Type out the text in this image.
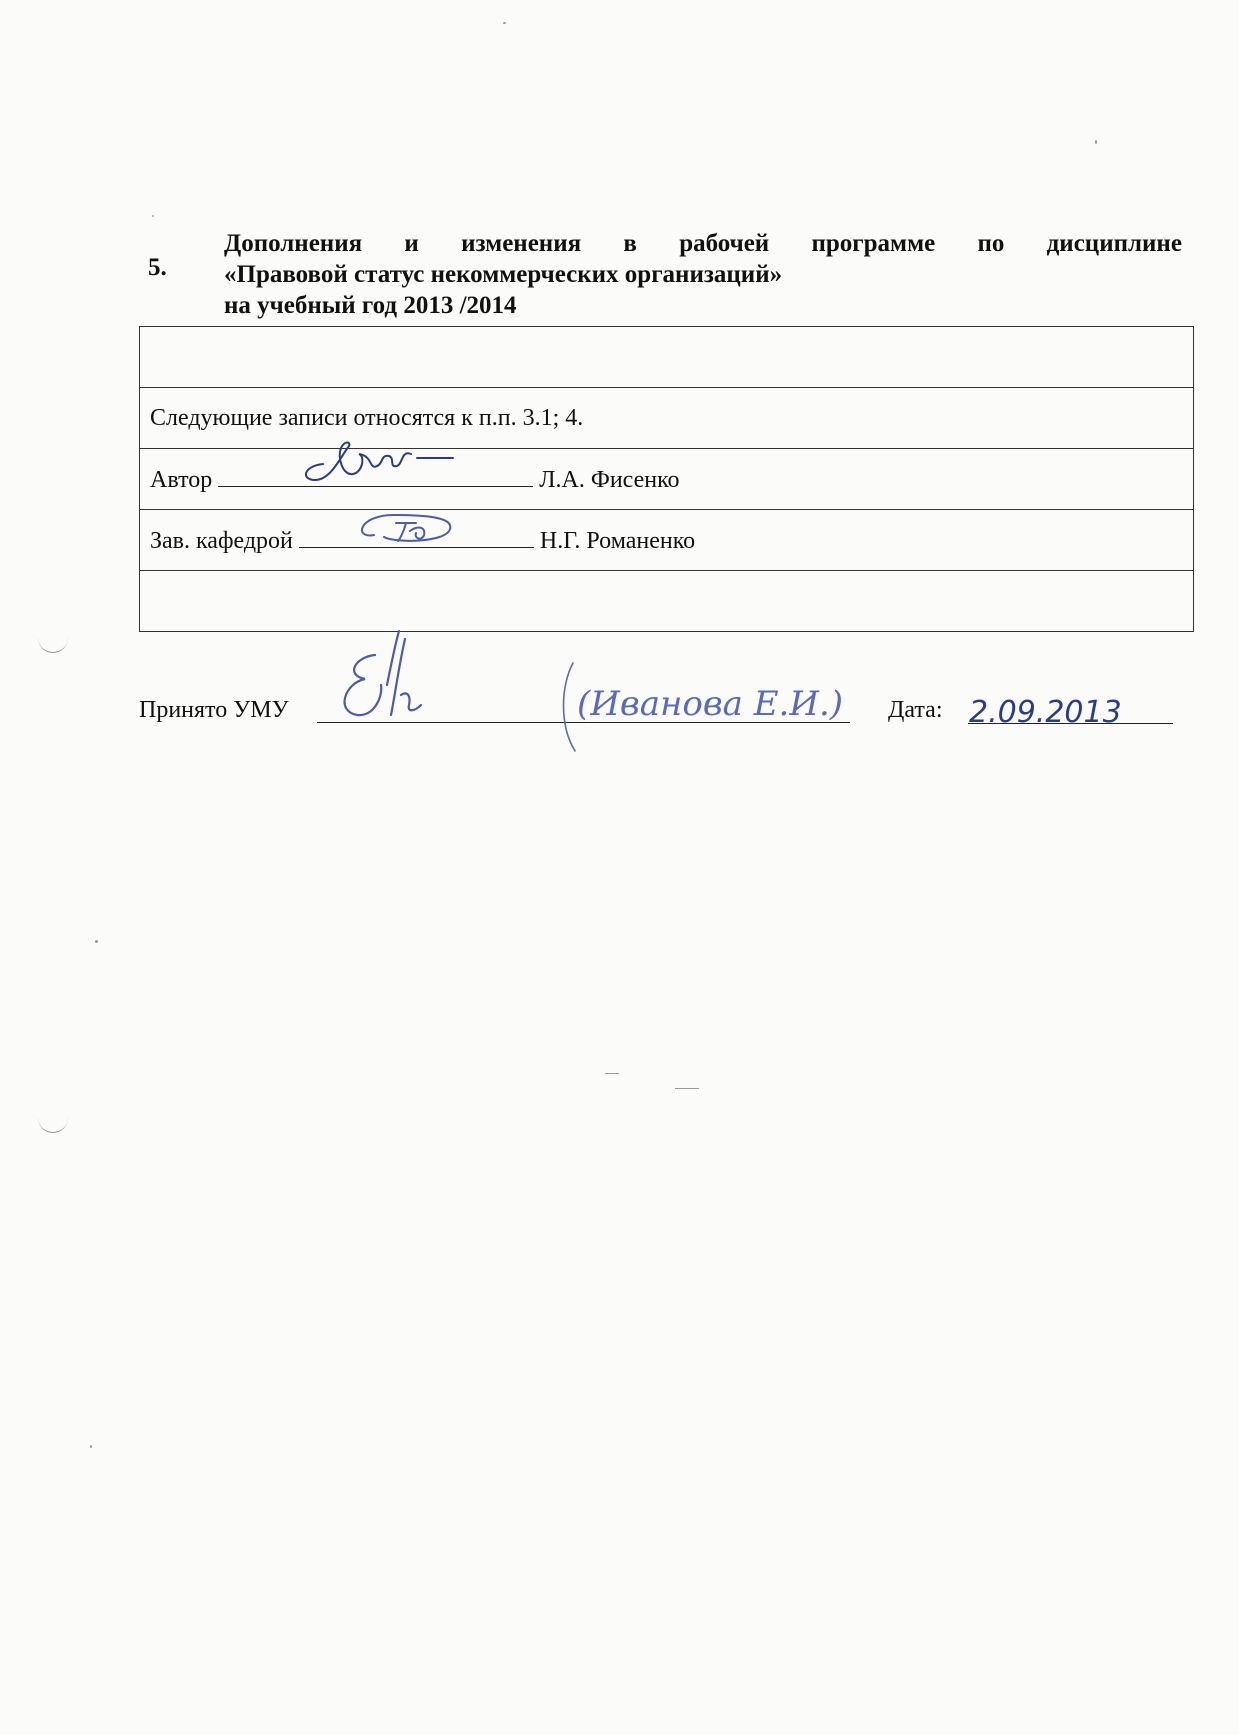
5.
Дополнения и изменения в рабочей программе по дисциплине
«Правовой статус некоммерческих организаций»
на учебный год 2013 /2014

Следующие записи относятся к п.п. 3.1; 4.
Автор	Л.А. Фисенко
Зав. кафедрой	Н.Г. Романенко

Принято УМУ	(Иванова Е.И.) Дата: 2.09.2013
